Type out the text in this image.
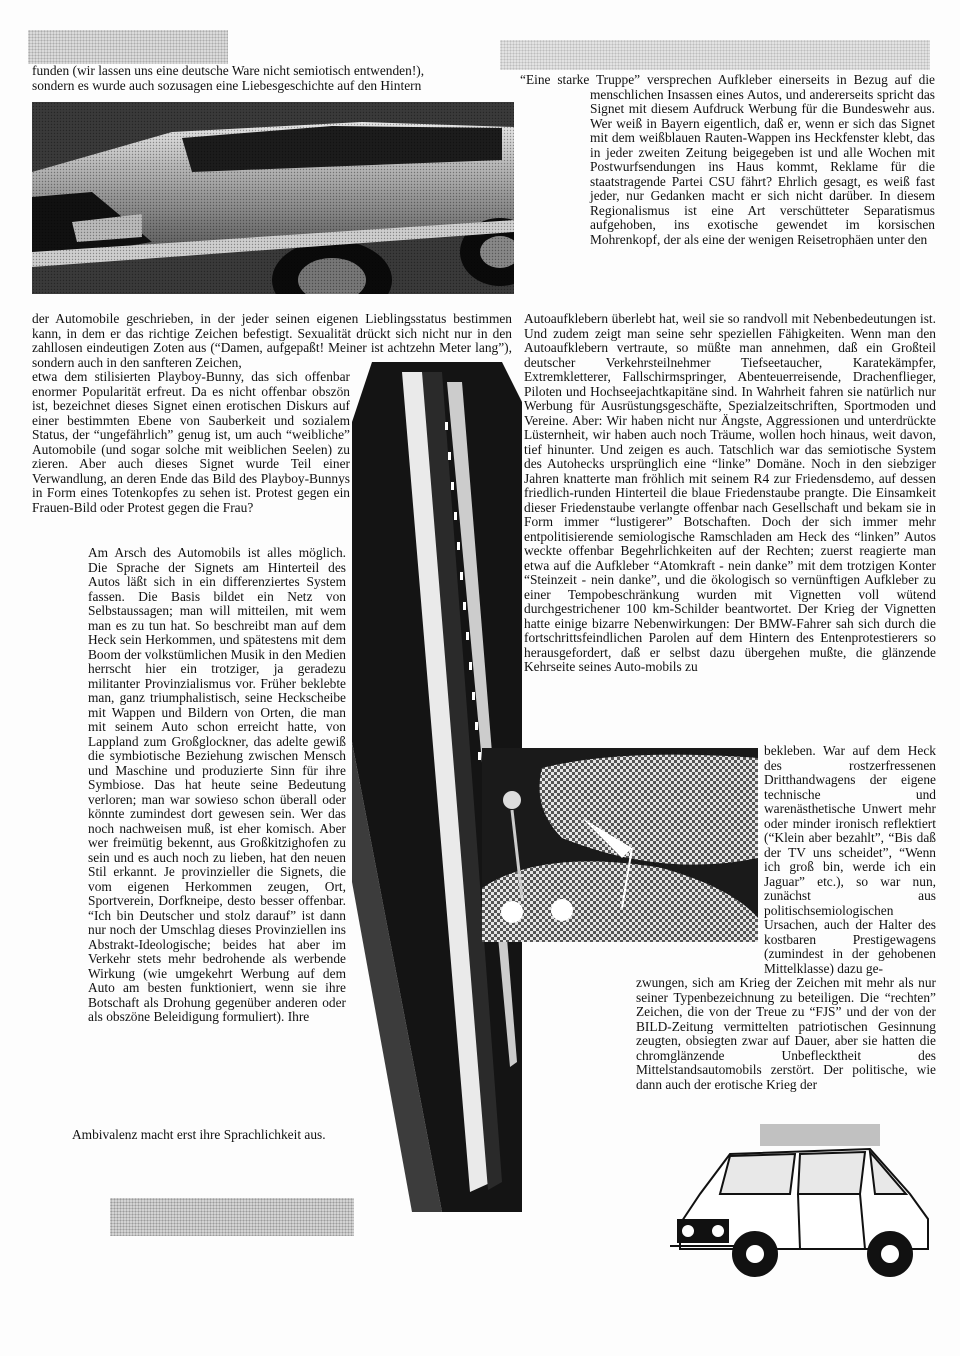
funden (wir lassen uns eine deutsche Ware nicht semiotisch entwenden!),

sondern es wurde auch sozusagen eine Liebesgeschichte auf den Hintern	“Eine starke Truppe” versprechen Aufkleber einerseits in Bezug auf die menschlichen Insassen eines Autos, und andererseits spricht das Signet mit diesem Aufdruck Werbung für die Bundeswehr aus. Wer weiß in Bayern eigentlich, daß er, wenn er sich das Signet mit dem weißblauen Rauten-Wappen ins Heckfenster klebt, das in jeder zweiten Zeitung beigegeben ist und alle Wochen mit Postwurfsendungen ins Haus kommt, Reklame für die staatstragende Partei CSU fährt? Ehrlich gesagt, es weiß fast jeder, nur Gedanken macht er sich nicht darüber. In diesem Regionalismus ist eine Art verschütteter Separatismus aufgehoben, ins exotische gewendet im korsischen Mohrenkopf, der als eine der wenigen Reisetrophäen unter den

der Automobile geschrieben, in der jeder seinen eigenen Lieblingsstatus bestimmen kann, in dem er das richtige Zeichen befestigt. Sexualität drückt sich nicht nur in den zahllosen eindeutigen Zoten aus (“Damen, aufgepaßt! Meiner ist achtzehn Meter lang”), sondern auch in den sanfteren Zeichen,

Autoaufklebern überlebt hat, weil sie so randvoll mit Nebenbedeutungen ist. Und zudem zeigt man seine sehr speziellen Fähigkeiten. Wenn man den Autoaufklebern vertraute, so müßte man annehmen, daß ein Großteil deutscher Verkehrsteilnehmer Tiefseetaucher, Karatekämpfer, Extremkletterer, Fallschirmspringer, Abenteuerreisende, Drachenflieger, Piloten und Hochseejachtkapitäne sind. In Wahrheit fahren sie natürlich nur Werbung für Ausrüstungsgeschäfte, Spezialzeitschriften, Sportmoden und Vereine. Aber: Wir haben nicht nur Ängste, Aggressionen und unterdrückte Lüsternheit, wir haben auch noch Träume, wollen hoch hinaus, weit davon, tief hinunter. Und zeigen es auch. Tatschlich war das semiotische System des Autohecks ursprünglich eine “linke” Domäne. Noch in den siebziger Jahren knatterte man fröhlich mit seinem R4 zur Friedensdemo, auf dessen friedlich-runden Hinterteil die blaue Friedenstaube prangte. Die Einsamkeit dieser Friedenstaube verlangte offenbar nach Gesellschaft und bekam sie in Form immer “lustigerer” Botschaften. Doch der sich immer mehr entpolitisierende semiologische Ramschladen am Heck des “linken” Autos weckte offenbar Begehrlichkeiten auf der Rechten; zuerst reagierte man etwa auf die Aufkleber “Atomkraft - nein danke” mit dem trotzigen Konter “Steinzeit - nein danke”, und die ökologisch so vernünftigen Aufkleber zu einer Tempobeschränkung wurden mit Vignetten voll wütend durchgestrichener 100 km-Schilder beantwortet. Der Krieg der Vignetten hatte einige bizarre Nebenwirkungen: Der BMW-Fahrer sah sich durch die fortschrittsfeindlichen Parolen auf dem Hintern des Entenprotestierers so herausgefordert, daß er selbst dazu übergehen mußte, die glänzende Kehrseite seines Auto-mobils zu

etwa dem stilisierten Playboy-Bunny, das sich offenbar enormer Popularität erfreut. Da es nicht offenbar obszön ist, bezeichnet dieses Signet einen erotischen Diskurs auf einer bestimmten Ebene von Sauberkeit und sozialem Status, der “ungefährlich” genug ist, um auch “weibliche” Automobile (und sogar solche mit weiblichen Seelen) zu zieren. Aber auch dieses Signet wurde Teil einer Verwandlung, an deren Ende das Bild des Playboy-Bunnys in Form eines Totenkopfes zu sehen ist. Protest gegen ein Frauen-Bild oder Protest gegen die Frau?

Am Arsch des Automobils ist alles möglich. Die Sprache der Signets am Hinterteil des Autos läßt sich in ein differenziertes System fassen. Die Basis bildet ein Netz von Selbstaussagen; man will mitteilen, mit wem man es zu tun hat. So beschreibt man auf dem Heck sein Herkommen, und spätestens mit dem Boom der volkstümlichen Musik in den Medien herrscht hier ein trotziger, ja geradezu militanter Provinzialismus vor. Früher beklebte man, ganz triumphalistisch, seine Heckscheibe mit Wappen und Bildern von Orten, die man mit seinem Auto schon erreicht hatte, von Lappland zum Großglockner, das adelte gewiß die symbiotische Beziehung zwischen Mensch und Maschine und produzierte Sinn für ihre Symbiose. Das hat heute seine Bedeutung verloren; man war sowieso schon überall oder könnte zumindest dort gewesen sein. Wer das noch nachweisen muß, ist eher komisch. Aber wer freimütig bekennt, aus Großkitzighofen zu sein und es auch noch zu lieben, hat den neuen Stil erkannt. Je provinzieller die Signets, die vom eigenen Herkommen zeugen, Ort, Sportverein, Dorfkneipe, desto besser offenbar. “Ich bin Deutscher und stolz darauf” ist dann nur noch der Umschlag dieses Provinziellen ins Abstrakt-Ideologische; beides hat aber im Verkehr stets mehr bedrohende als werbende Wirkung (wie umgekehrt Werbung auf dem Auto am besten funktioniert, wenn sie ihre Botschaft als Drohung gegenüber anderen oder als obszöne Beleidigung formuliert). Ihre

Ambivalenz macht erst ihre Sprachlichkeit aus.

bekleben. War auf dem Heck des rostzerfressenen Dritthandwagens der eigene technische und warenästhetische Unwert mehr oder minder ironisch reflektiert (“Klein aber bezahlt”, “Bis daß der TV uns scheidet”, “Wenn ich groß bin, werde ich ein Jaguar” etc.), so war nun, zunächst aus politischsemiologischen Ursachen, auch der Halter des kostbaren Prestigewagens (zumindest in der gehobenen Mittelklasse) dazu ge-

zwungen, sich am Krieg der Zeichen mit mehr als nur seiner Typenbezeichnung zu beteiligen. Die “rechten” Zeichen, die von der Treue zu “FJS” und der von der BILD-Zeitung vermittelten patriotischen Gesinnung zeugten, obsiegten zwar auf Dauer, aber sie hatten die chromglänzende Unbeflecktheit des Mittelstandsautomobils zerstört. Der politische, wie dann auch der erotische Krieg der
